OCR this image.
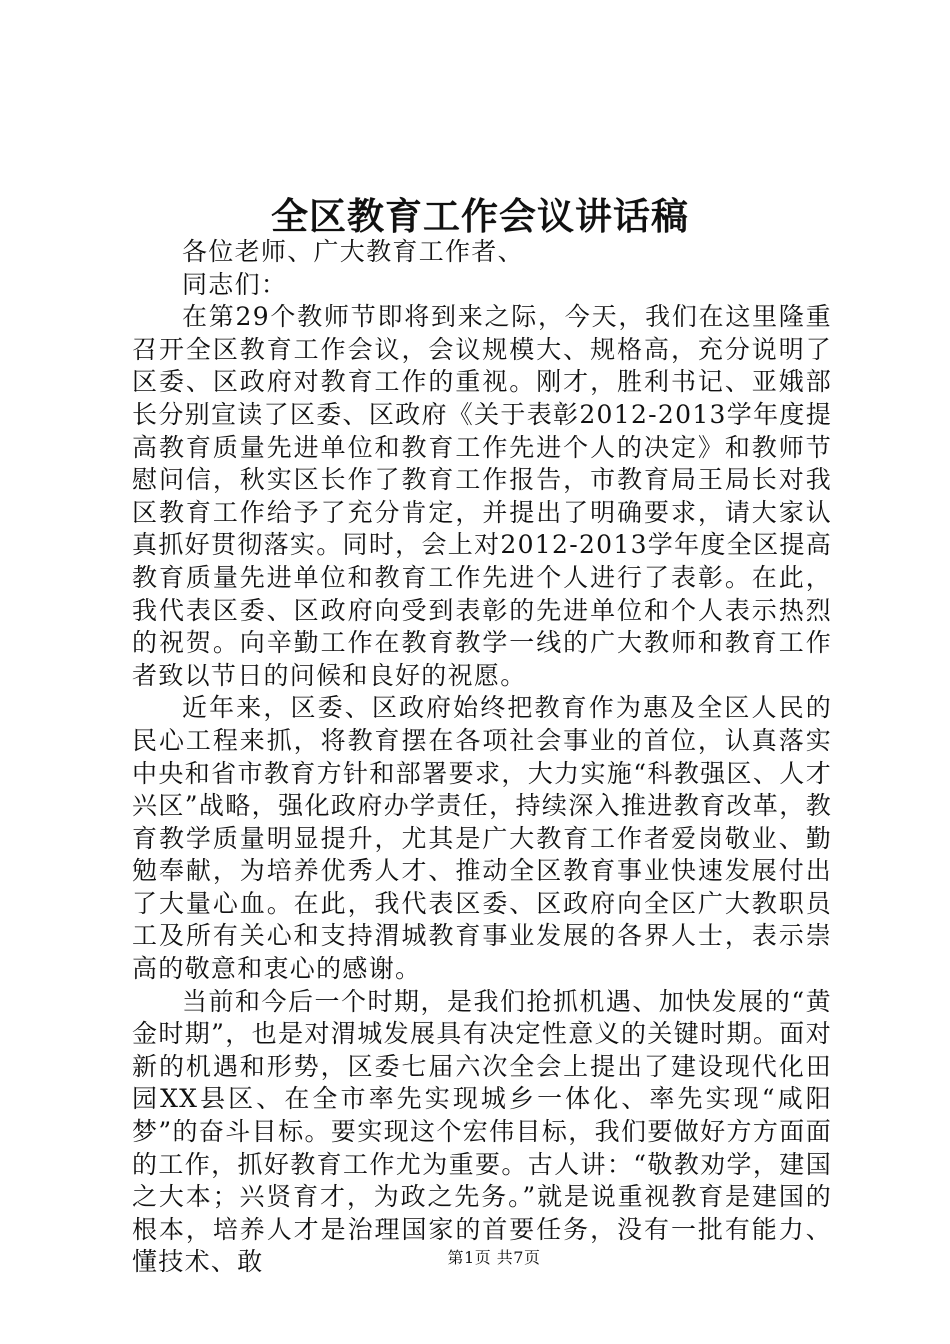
全区教育工作会议讲话稿

各位老师、广大教育工作者、

同志们：

在第29个教师节即将到来之际，今天，我们在这里隆重召开全区教育工作会议，会议规模大、规格高，充分说明了区委、区政府对教育工作的重视。刚才，胜利书记、亚娥部长分别宣读了区委、区政府《关于表彰2012-2013学年度提高教育质量先进单位和教育工作先进个人的决定》和教师节慰问信，秋实区长作了教育工作报告，市教育局王局长对我区教育工作给予了充分肯定，并提出了明确要求，请大家认真抓好贯彻落实。同时，会上对2012-2013学年度全区提高教育质量先进单位和教育工作先进个人进行了表彰。在此，我代表区委、区政府向受到表彰的先进单位和个人表示热烈的祝贺。向辛勤工作在教育教学一线的广大教师和教育工作者致以节日的问候和良好的祝愿。

近年来，区委、区政府始终把教育作为惠及全区人民的民心工程来抓，将教育摆在各项社会事业的首位，认真落实中央和省市教育方针和部署要求，大力实施“科教强区、人才兴区”战略，强化政府办学责任，持续深入推进教育改革，教育教学质量明显提升，尤其是广大教育工作者爱岗敬业、勤勉奉献，为培养优秀人才、推动全区教育事业快速发展付出了大量心血。在此，我代表区委、区政府向全区广大教职员工及所有关心和支持渭城教育事业发展的各界人士，表示崇高的敬意和衷心的感谢。

当前和今后一个时期，是我们抢抓机遇、加快发展的“黄金时期”，也是对渭城发展具有决定性意义的关键时期。面对新的机遇和形势，区委七届六次全会上提出了建设现代化田园XX县区、在全市率先实现城乡一体化、率先实现“咸阳梦”的奋斗目标。要实现这个宏伟目标，我们要做好方方面面的工作，抓好教育工作尤为重要。古人讲：“敬教劝学，建国之大本；兴贤育才，为政之先务。”就是说重视教育是建国的根本，培养人才是治理国家的首要任务，没有一批有能力、懂技术、敢	第1页 共7页
